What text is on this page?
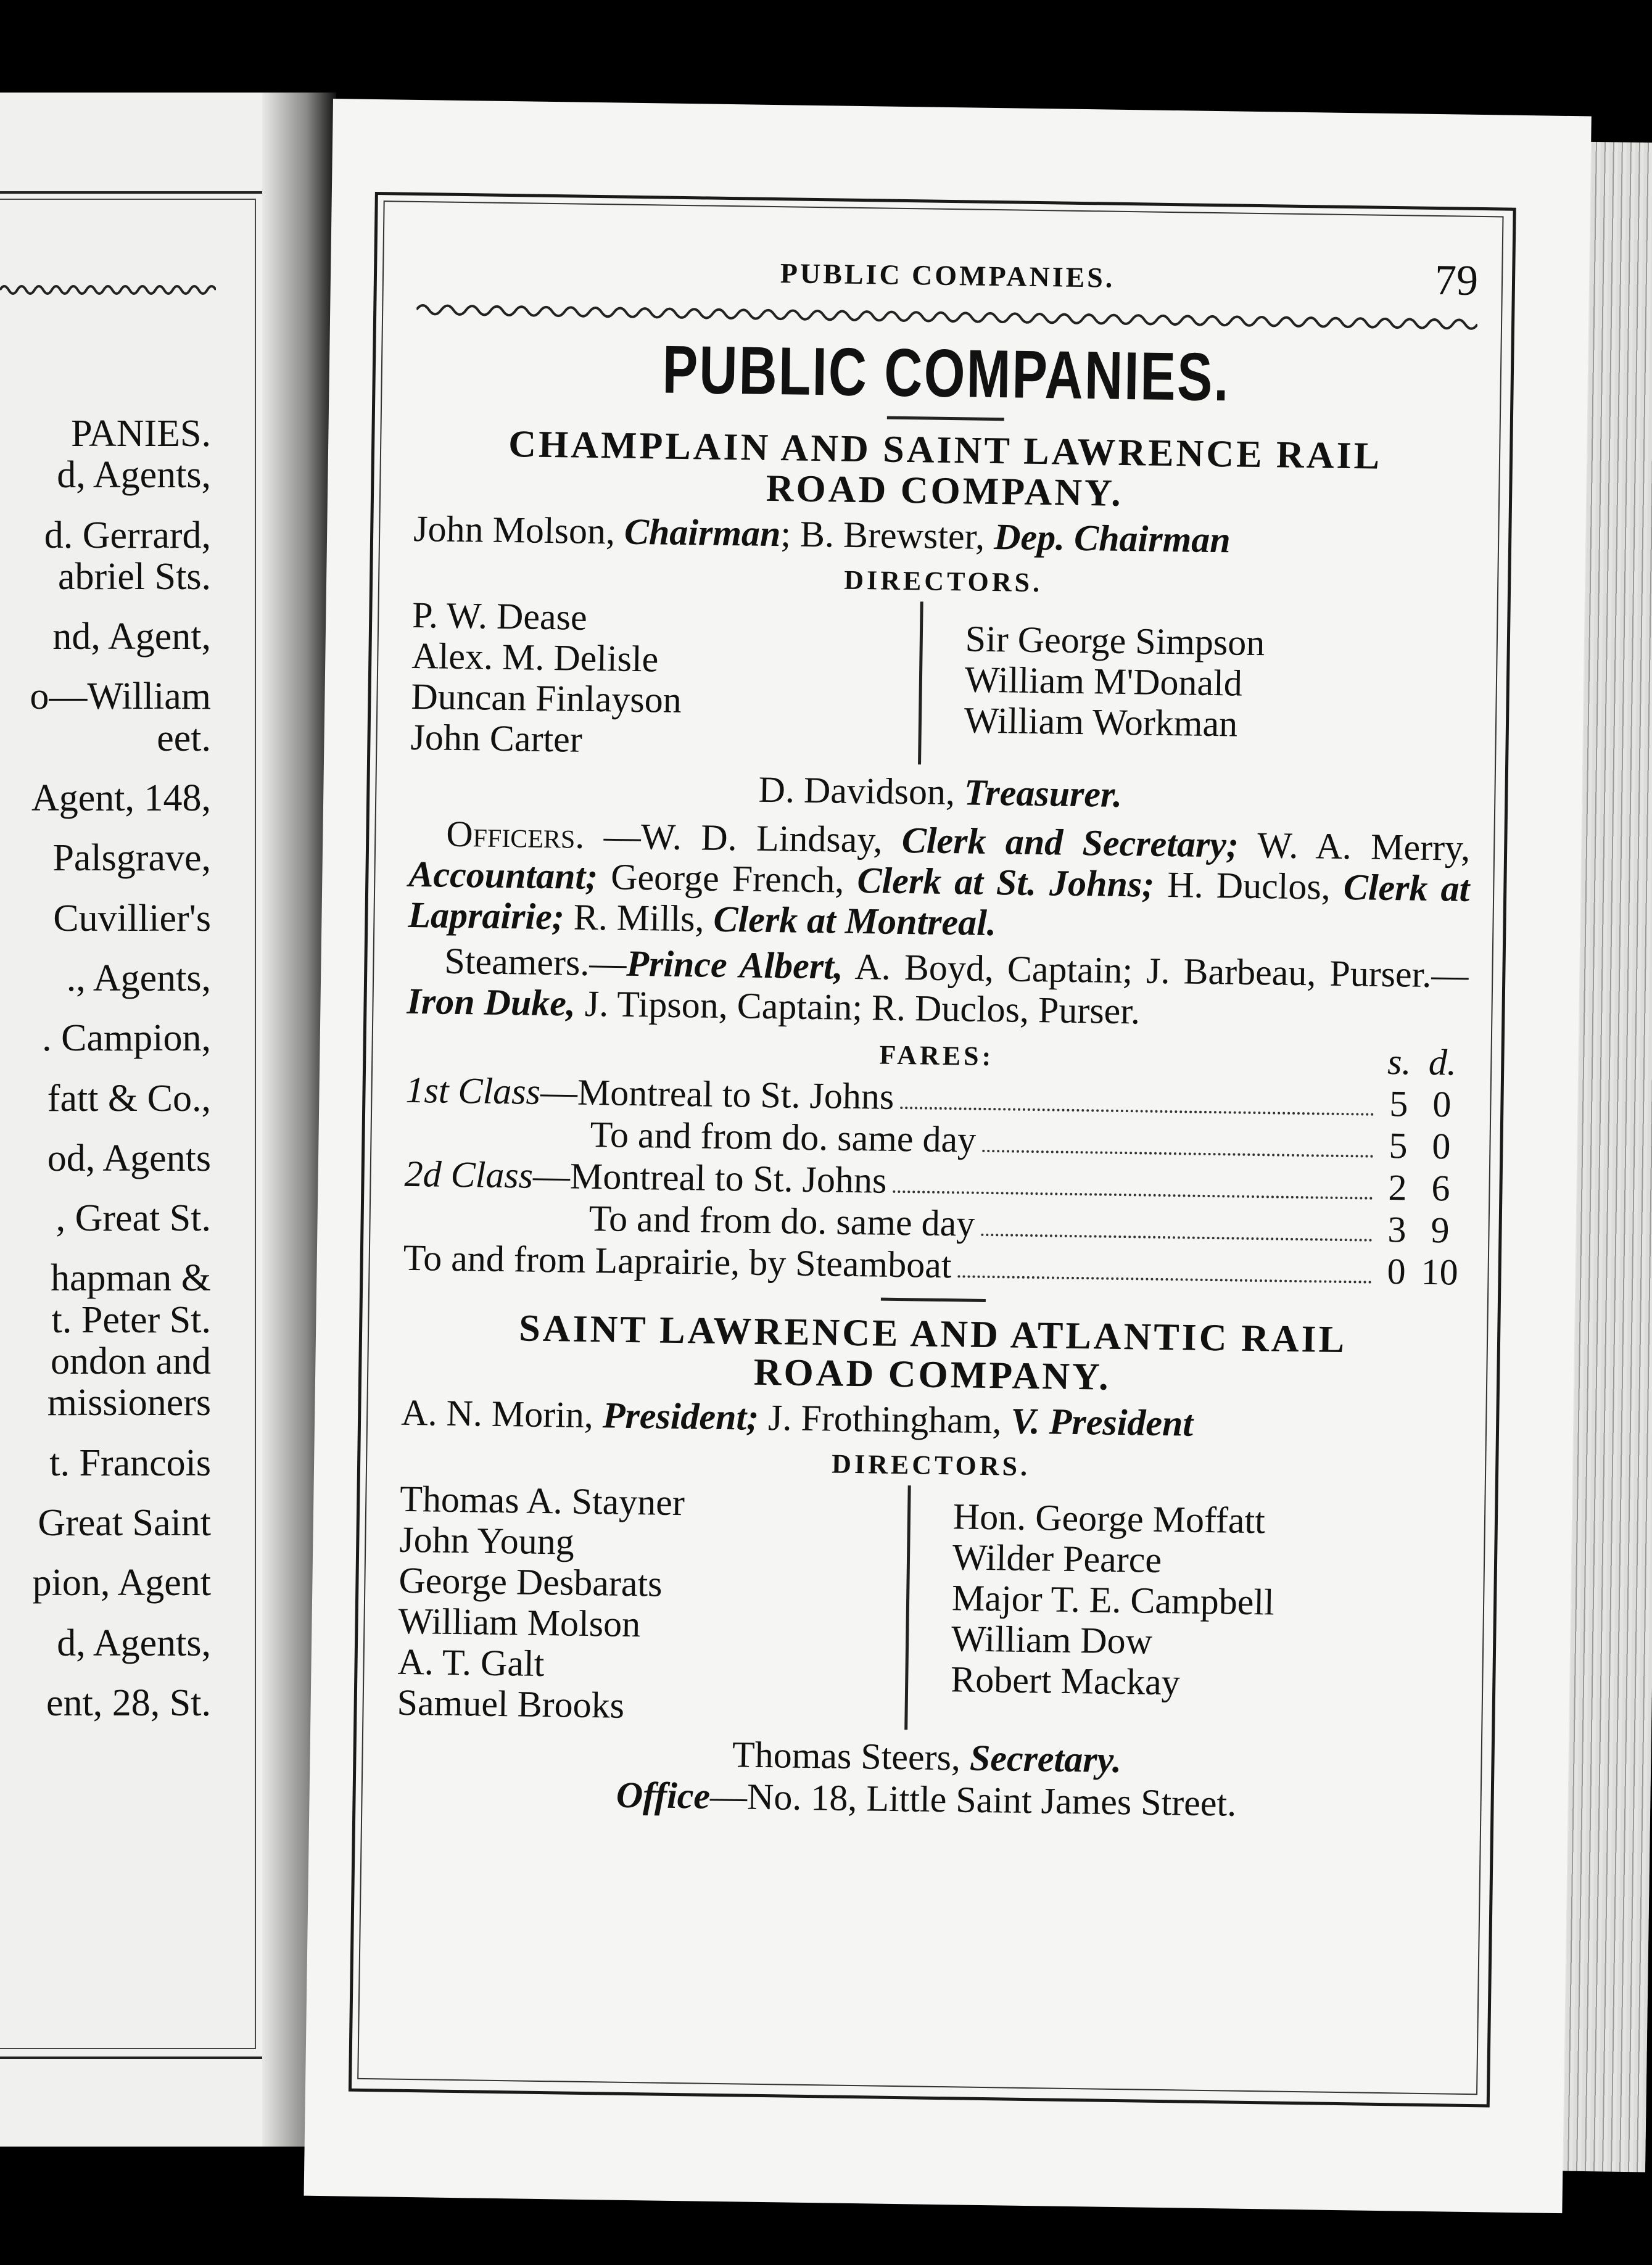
PANIES.
d, Agents,
d. Gerrard,
abriel Sts.
nd, Agent,
o—William
eet.
Agent, 148,
Palsgrave,
Cuvillier's
., Agents,
. Campion,
fatt & Co.,
od, Agents
, Great St.
hapman &
t. Peter St.
ondon and
missioners
t. Francois
Great Saint
pion, Agent
d, Agents,
ent, 28, St.
PUBLIC COMPANIES.	79
PUBLIC COMPANIES.
CHAMPLAIN AND SAINT LAWRENCE RAIL
ROAD COMPANY.
John Molson, Chairman; B. Brewster, Dep. Chairman
DIRECTORS.
P. W. Dease
Alex. M. Delisle
Duncan Finlayson
John Carter
Sir George Simpson
William M'Donald
William Workman
D. Davidson, Treasurer.
Officers. —W. D. Lindsay, Clerk and Secretary; W. A. Merry, Accountant; George French, Clerk at St. Johns; H. Duclos, Clerk at Laprairie; R. Mills, Clerk at Montreal.
Steamers.—Prince Albert, A. Boyd, Captain; J. Barbeau, Purser.—Iron Duke, J. Tipson, Captain; R. Duclos, Purser.
FARES:	s. d.
1st Class—Montreal to St. Johns	5 0
To and from do. same day	5 0
2d Class—Montreal to St. Johns	2 6
To and from do. same day	3 9
To and from Laprairie, by Steamboat	0 10
SAINT LAWRENCE AND ATLANTIC RAIL
ROAD COMPANY.
A. N. Morin, President; J. Frothingham, V. President
DIRECTORS.
Thomas A. Stayner
John Young
George Desbarats
William Molson
A. T. Galt
Samuel Brooks
Hon. George Moffatt
Wilder Pearce
Major T. E. Campbell
William Dow
Robert Mackay
Thomas Steers, Secretary.
Office—No. 18, Little Saint James Street.
